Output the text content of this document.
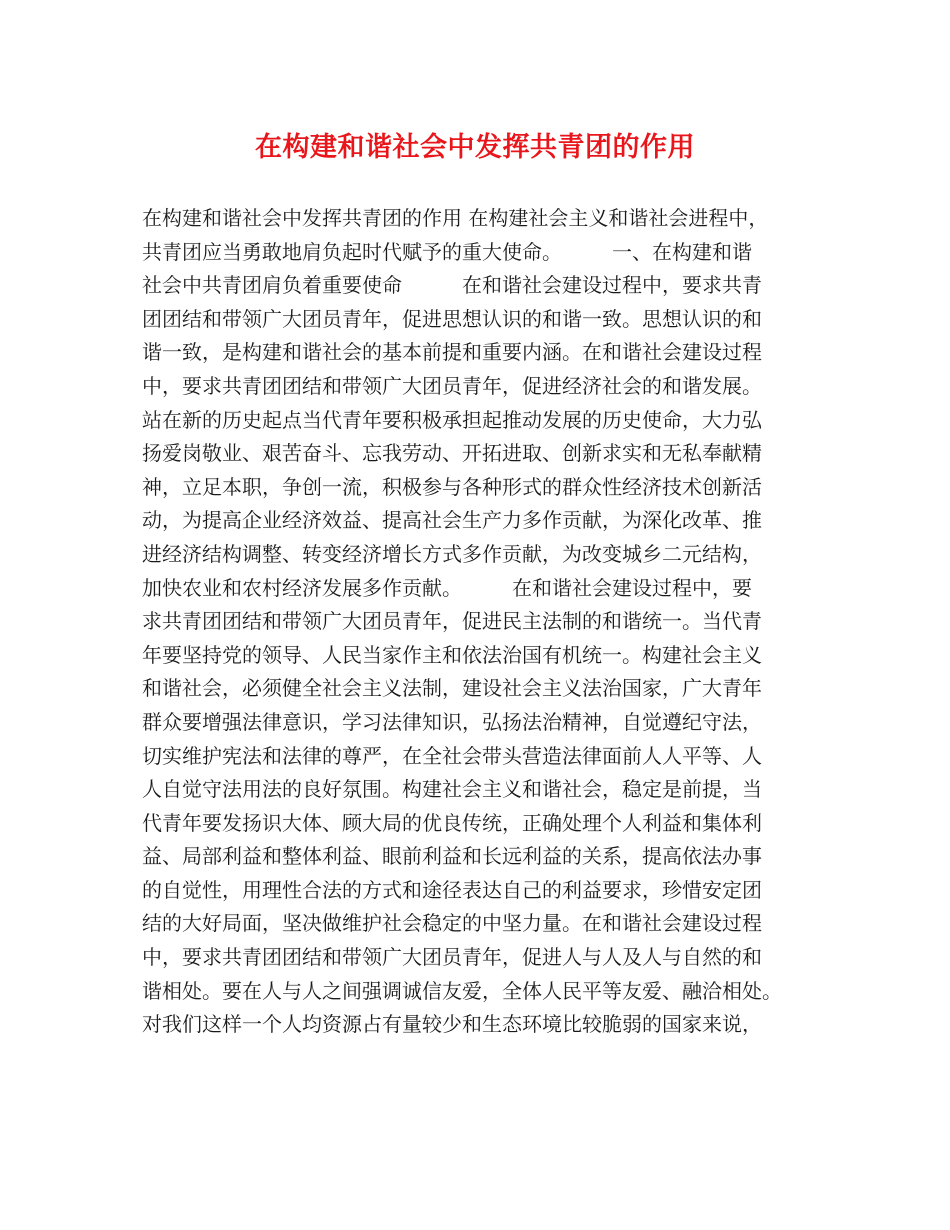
在构建和谐社会中发挥共青团的作用
在构建和谐社会中发挥共青团的作用 在构建社会主义和谐社会进程中，
共青团应当勇敢地肩负起时代赋予的重大使命。　　　一、在构建和谐
社会中共青团肩负着重要使命　　　在和谐社会建设过程中，要求共青
团团结和带领广大团员青年，促进思想认识的和谐一致。思想认识的和
谐一致，是构建和谐社会的基本前提和重要内涵。在和谐社会建设过程
中，要求共青团团结和带领广大团员青年，促进经济社会的和谐发展。
站在新的历史起点当代青年要积极承担起推动发展的历史使命，大力弘
扬爱岗敬业、艰苦奋斗、忘我劳动、开拓进取、创新求实和无私奉献精
神，立足本职，争创一流，积极参与各种形式的群众性经济技术创新活
动，为提高企业经济效益、提高社会生产力多作贡献，为深化改革、推
进经济结构调整、转变经济增长方式多作贡献，为改变城乡二元结构，
加快农业和农村经济发展多作贡献。　　　在和谐社会建设过程中，要
求共青团团结和带领广大团员青年，促进民主法制的和谐统一。当代青
年要坚持党的领导、人民当家作主和依法治国有机统一。构建社会主义
和谐社会，必须健全社会主义法制，建设社会主义法治国家，广大青年
群众要增强法律意识，学习法律知识，弘扬法治精神，自觉遵纪守法，
切实维护宪法和法律的尊严，在全社会带头营造法律面前人人平等、人
人自觉守法用法的良好氛围。构建社会主义和谐社会，稳定是前提，当
代青年要发扬识大体、顾大局的优良传统，正确处理个人利益和集体利
益、局部利益和整体利益、眼前利益和长远利益的关系，提高依法办事
的自觉性，用理性合法的方式和途径表达自己的利益要求，珍惜安定团
结的大好局面，坚决做维护社会稳定的中坚力量。在和谐社会建设过程
中，要求共青团团结和带领广大团员青年，促进人与人及人与自然的和
谐相处。要在人与人之间强调诚信友爱，全体人民平等友爱、融洽相处。
对我们这样一个人均资源占有量较少和生态环境比较脆弱的国家来说，
